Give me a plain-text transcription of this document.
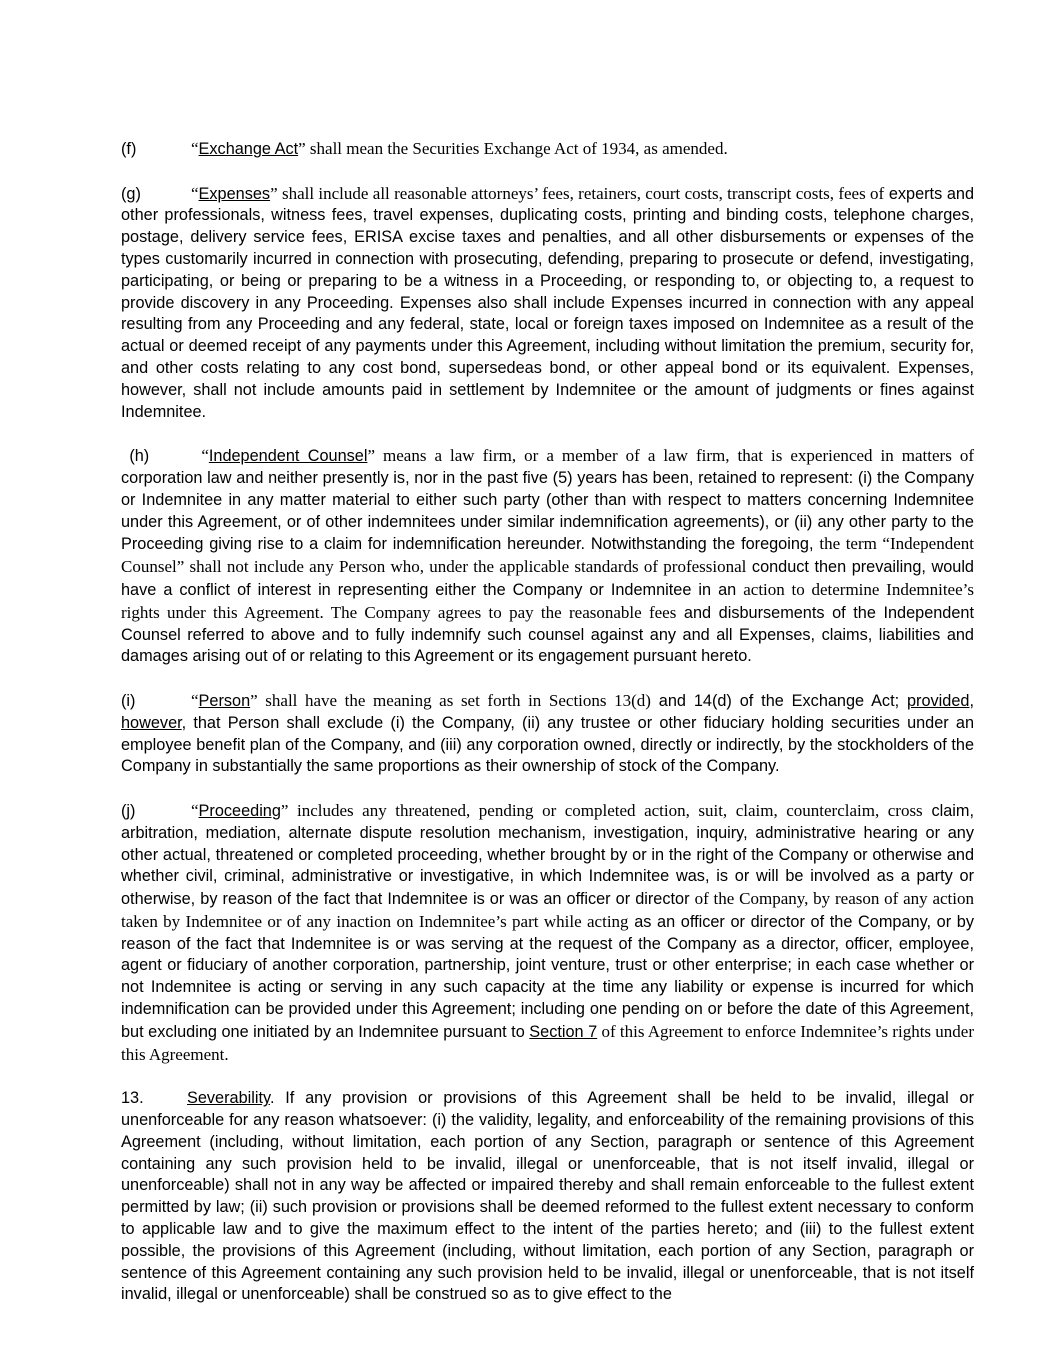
(f)	“Exchange Act” shall mean the Securities Exchange Act of 1934, as amended.

(g)	“Expenses” shall include all reasonable attorneys’ fees, retainers, court costs, transcript costs, fees of experts and other professionals, witness fees, travel expenses, duplicating costs, printing and binding costs, telephone charges, postage, delivery service fees, ERISA excise taxes and penalties, and all other disbursements or expenses of the types customarily incurred in connection with prosecuting, defending, preparing to prosecute or defend, investigating, participating, or being or preparing to be a witness in a Proceeding, or responding to, or objecting to, a request to provide discovery in any Proceeding. Expenses also shall include Expenses incurred in connection with any appeal resulting from any Proceeding and any federal, state, local or foreign taxes imposed on Indemnitee as a result of the actual or deemed receipt of any payments under this Agreement, including without limitation the premium, security for, and other costs relating to any cost bond, supersedeas bond, or other appeal bond or its equivalent. Expenses, however, shall not include amounts paid in settlement by Indemnitee or the amount of judgments or fines against Indemnitee.

(h)	“Independent Counsel” means a law firm, or a member of a law firm, that is experienced in matters of corporation law and neither presently is, nor in the past five (5) years has been, retained to represent: (i) the Company or Indemnitee in any matter material to either such party (other than with respect to matters concerning Indemnitee under this Agreement, or of other indemnitees under similar indemnification agreements), or (ii) any other party to the Proceeding giving rise to a claim for indemnification hereunder. Notwithstanding the foregoing, the term “Independent Counsel” shall not include any Person who, under the applicable standards of professional conduct then prevailing, would have a conflict of interest in representing either the Company or Indemnitee in an action to determine Indemnitee’s rights under this Agreement. The Company agrees to pay the reasonable fees and disbursements of the Independent Counsel referred to above and to fully indemnify such counsel against any and all Expenses, claims, liabilities and damages arising out of or relating to this Agreement or its engagement pursuant hereto.

(i)	“Person” shall have the meaning as set forth in Sections 13(d) and 14(d) of the Exchange Act; provided, however, that Person shall exclude (i) the Company, (ii) any trustee or other fiduciary holding securities under an employee benefit plan of the Company, and (iii) any corporation owned, directly or indirectly, by the stockholders of the Company in substantially the same proportions as their ownership of stock of the Company.

(j)	“Proceeding” includes any threatened, pending or completed action, suit, claim, counterclaim, cross claim, arbitration, mediation, alternate dispute resolution mechanism, investigation, inquiry, administrative hearing or any other actual, threatened or completed proceeding, whether brought by or in the right of the Company or otherwise and whether civil, criminal, administrative or investigative, in which Indemnitee was, is or will be involved as a party or otherwise, by reason of the fact that Indemnitee is or was an officer or director of the Company, by reason of any action taken by Indemnitee or of any inaction on Indemnitee’s part while acting as an officer or director of the Company, or by reason of the fact that Indemnitee is or was serving at the request of the Company as a director, officer, employee, agent or fiduciary of another corporation, partnership, joint venture, trust or other enterprise; in each case whether or not Indemnitee is acting or serving in any such capacity at the time any liability or expense is incurred for which indemnification can be provided under this Agreement; including one pending on or before the date of this Agreement, but excluding one initiated by an Indemnitee pursuant to Section 7 of this Agreement to enforce Indemnitee’s rights under this Agreement.

13.	Severability. If any provision or provisions of this Agreement shall be held to be invalid, illegal or unenforceable for any reason whatsoever: (i) the validity, legality, and enforceability of the remaining provisions of this Agreement (including, without limitation, each portion of any Section, paragraph or sentence of this Agreement containing any such provision held to be invalid, illegal or unenforceable, that is not itself invalid, illegal or unenforceable) shall not in any way be affected or impaired thereby and shall remain enforceable to the fullest extent permitted by law; (ii) such provision or provisions shall be deemed reformed to the fullest extent necessary to conform to applicable law and to give the maximum effect to the intent of the parties hereto; and (iii) to the fullest extent possible, the provisions of this Agreement (including, without limitation, each portion of any Section, paragraph or sentence of this Agreement containing any such provision held to be invalid, illegal or unenforceable, that is not itself invalid, illegal or unenforceable) shall be construed so as to give effect to the
